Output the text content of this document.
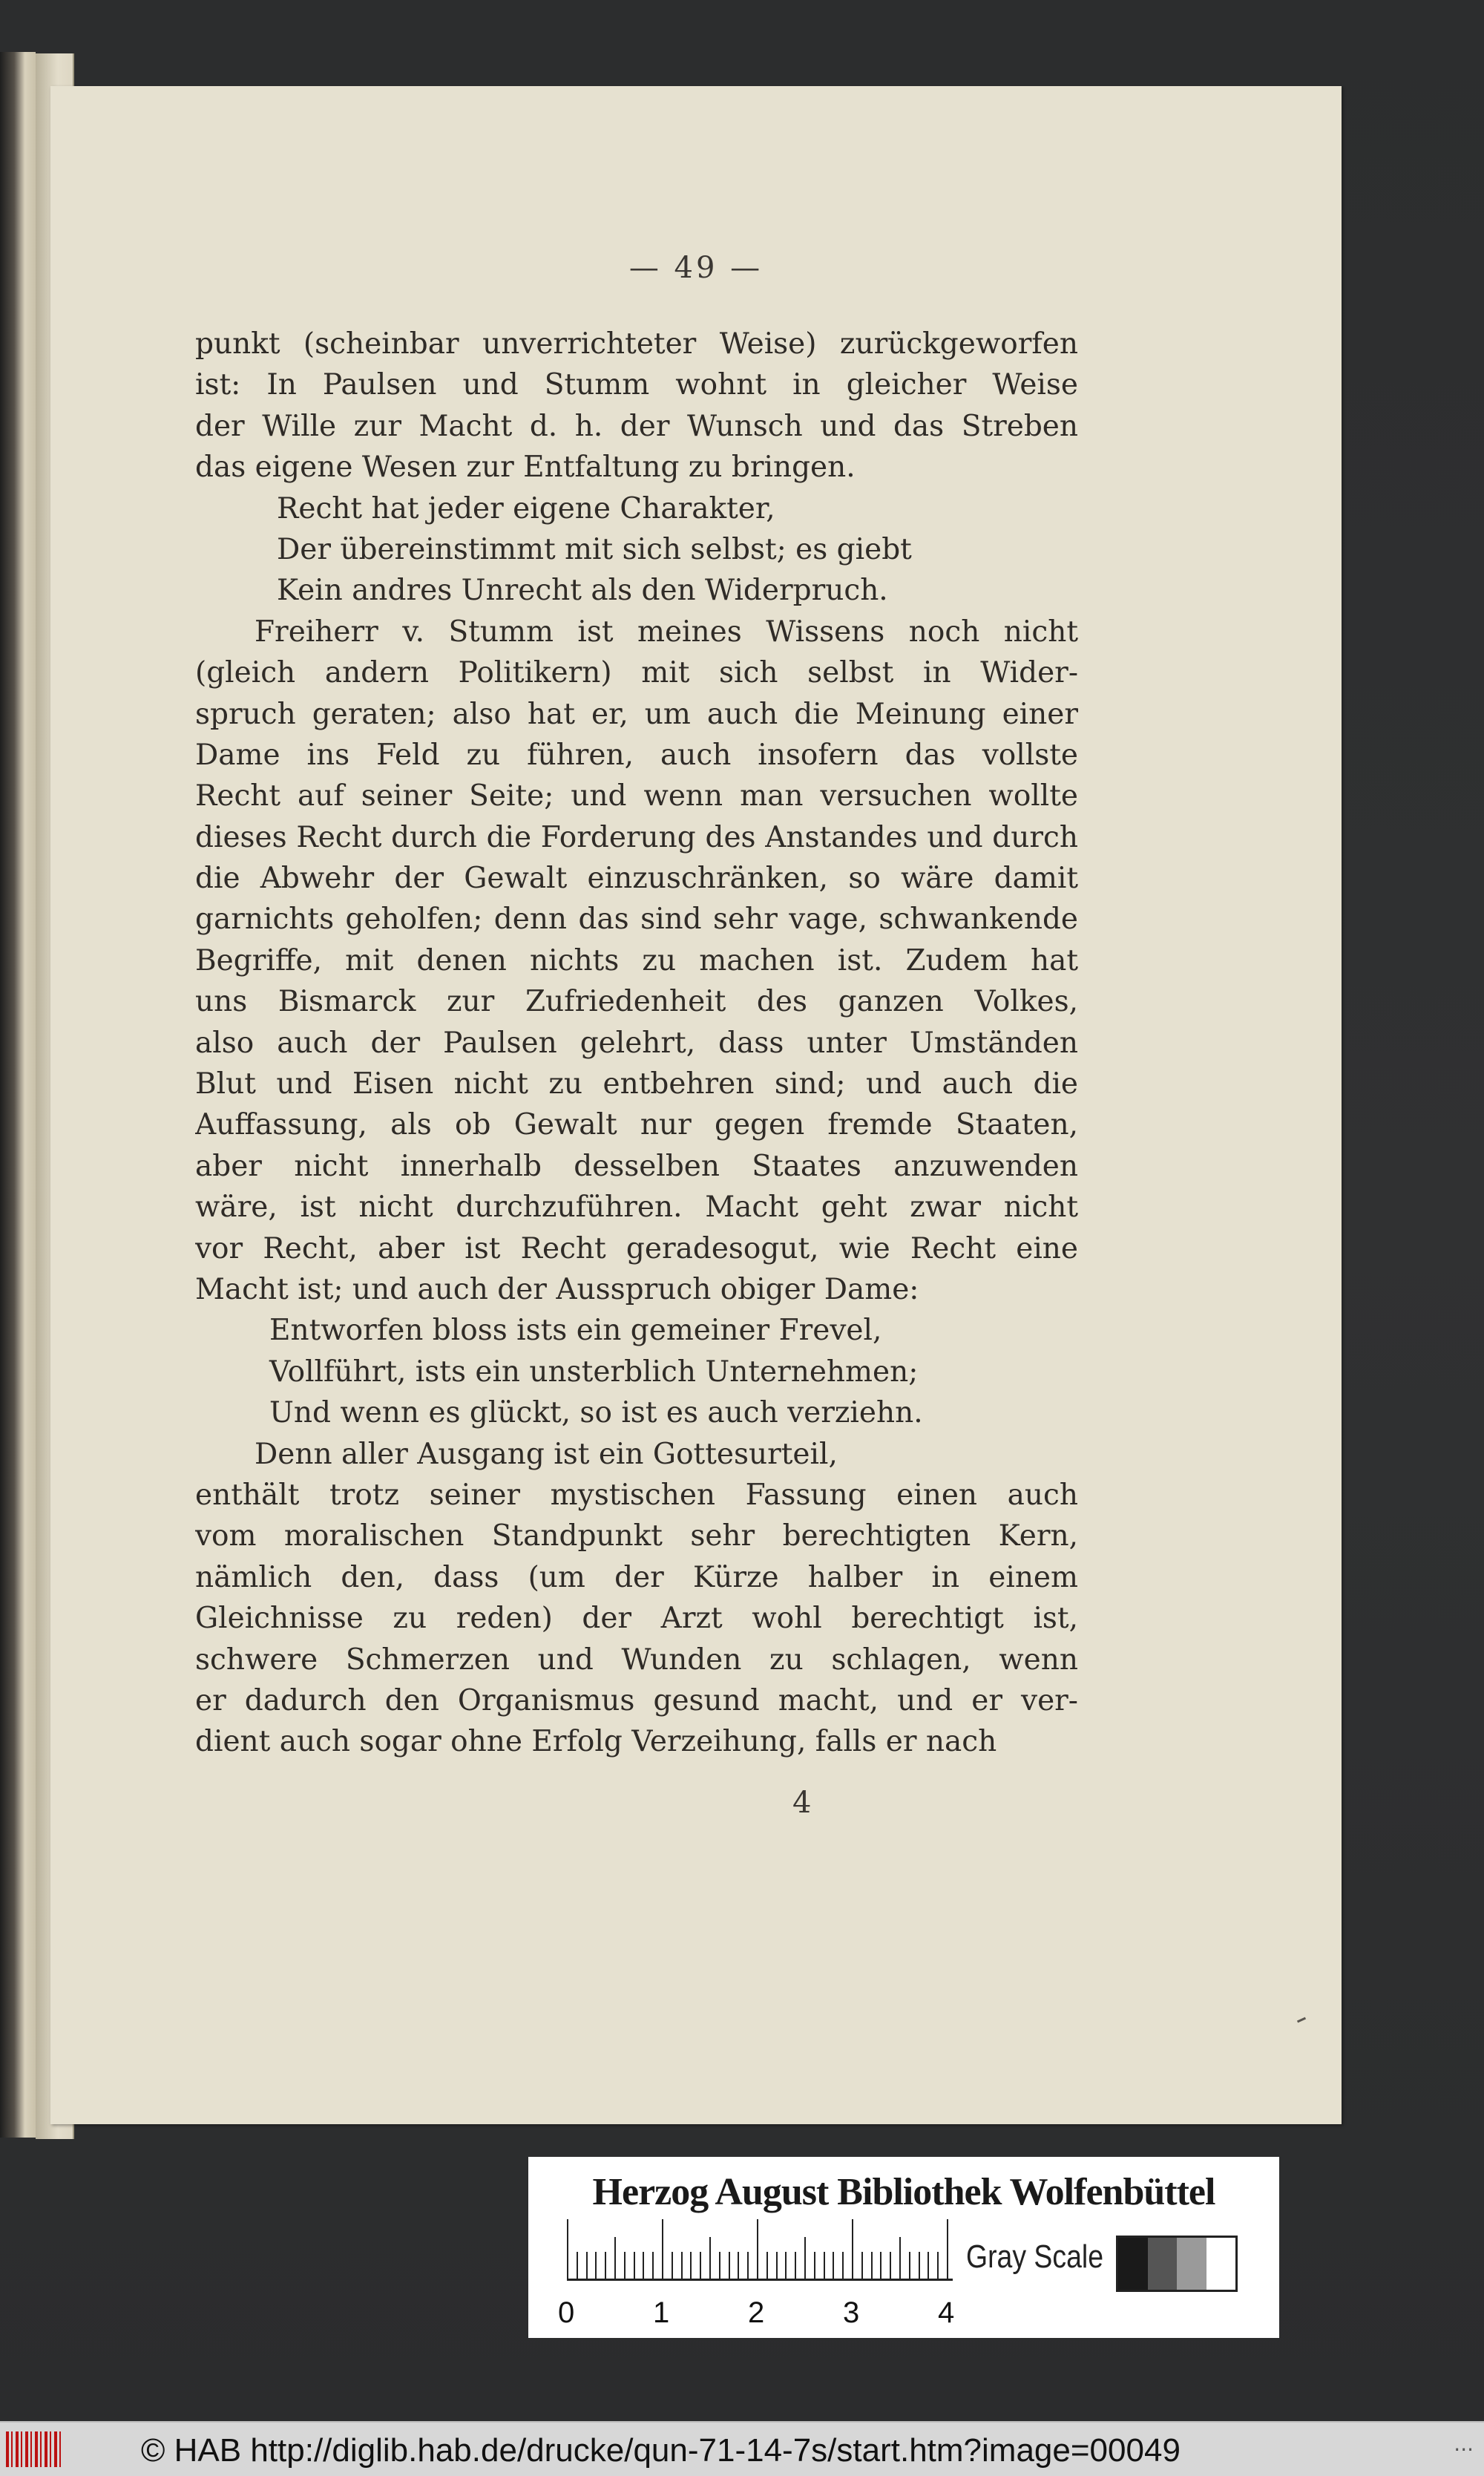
— 49 —
punkt (scheinbar unverrichteter Weise) zurückgeworfen
ist: In Paulsen und Stumm wohnt in gleicher Weise
der Wille zur Macht d. h. der Wunsch und das Streben
das eigene Wesen zur Entfaltung zu bringen.
Recht hat jeder eigene Charakter,
Der übereinstimmt mit sich selbst; es giebt
Kein andres Unrecht als den Widerpruch.
Freiherr v. Stumm ist meines Wissens noch nicht
(gleich andern Politikern) mit sich selbst in Wider-
spruch geraten; also hat er, um auch die Meinung einer
Dame ins Feld zu führen, auch insofern das vollste
Recht auf seiner Seite; und wenn man versuchen wollte
dieses Recht durch die Forderung des Anstandes und durch
die Abwehr der Gewalt einzuschränken, so wäre damit
garnichts geholfen; denn das sind sehr vage, schwankende
Begriffe, mit denen nichts zu machen ist. Zudem hat
uns Bismarck zur Zufriedenheit des ganzen Volkes,
also auch der Paulsen gelehrt, dass unter Umständen
Blut und Eisen nicht zu entbehren sind; und auch die
Auffassung, als ob Gewalt nur gegen fremde Staaten,
aber nicht innerhalb desselben Staates anzuwenden
wäre, ist nicht durchzuführen. Macht geht zwar nicht
vor Recht, aber ist Recht geradesogut, wie Recht eine
Macht ist; und auch der Ausspruch obiger Dame:
Entworfen bloss ists ein gemeiner Frevel,
Vollführt, ists ein unsterblich Unternehmen;
Und wenn es glückt, so ist es auch verziehn.
Denn aller Ausgang ist ein Gottesurteil,
enthält trotz seiner mystischen Fassung einen auch
vom moralischen Standpunkt sehr berechtigten Kern,
nämlich den, dass (um der Kürze halber in einem
Gleichnisse zu reden) der Arzt wohl berechtigt ist,
schwere Schmerzen und Wunden zu schlagen, wenn
er dadurch den Organismus gesund macht, und er ver-
dient auch sogar ohne Erfolg Verzeihung, falls er nach
4
Herzog August Bibliothek Wolfenbüttel
0	1	2	3	4
Gray Scale
© HAB http://diglib.hab.de/drucke/qun-71-14-7s/start.htm?image=00049	···
